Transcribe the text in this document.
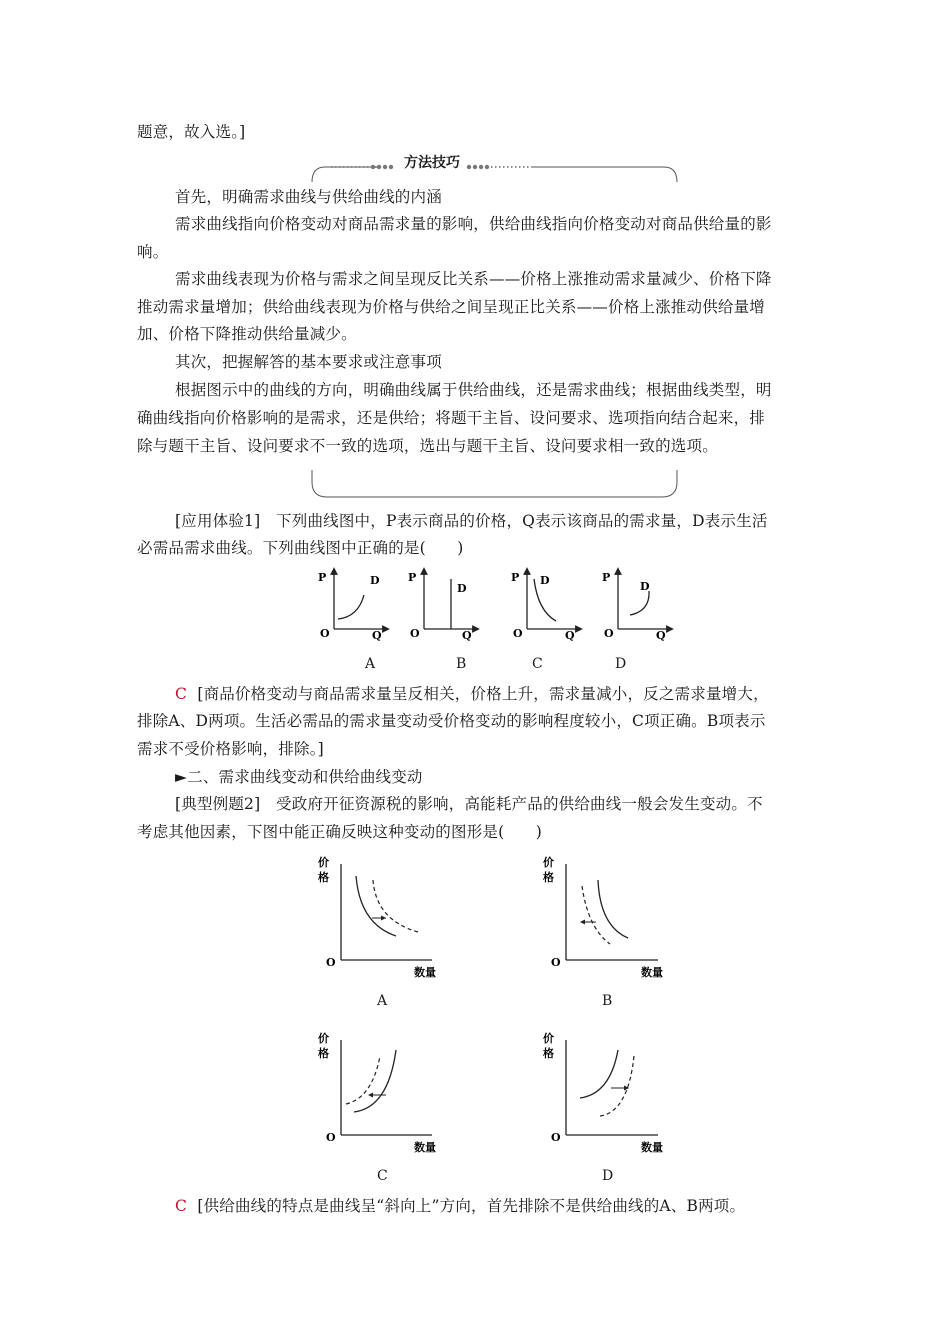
题意，故入选。]
方法技巧
首先，明确需求曲线与供给曲线的内涵
需求曲线指向价格变动对商品需求量的影响，供给曲线指向价格变动对商品供给量的影
响。
需求曲线表现为价格与需求之间呈现反比关系——价格上涨推动需求量减少、价格下降
推动需求量增加；供给曲线表现为价格与供给之间呈现正比关系——价格上涨推动供给量增
加、价格下降推动供给量减少。
其次，把握解答的基本要求或注意事项
根据图示中的曲线的方向，明确曲线属于供给曲线，还是需求曲线；根据曲线类型，明
确曲线指向价格影响的是需求，还是供给；将题干主旨、设问要求、选项指向结合起来，排
除与题干主旨、设问要求不一致的选项，选出与题干主旨、设问要求相一致的选项。
[应用体验1]　下列曲线图中，P表示商品的价格，Q表示该商品的需求量，D表示生活
必需品需求曲线。下列曲线图中正确的是(　　)
P	D
O	Q
P
D
O	Q
P D
O	Q
P
D
O	Q
A	B	C	D
C [商品价格变动与商品需求量呈反相关，价格上升，需求量减小，反之需求量增大，
排除A、D两项。生活必需品的需求量变动受价格变动的影响程度较小，C项正确。B项表示
需求不受价格影响，排除。]
►二、需求曲线变动和供给曲线变动
[典型例题2]　受政府开征资源税的影响，高能耗产品的供给曲线一般会发生变动。不
考虑其他因素，下图中能正确反映这种变动的图形是(　　)
价
格
O
数量
价
格
O
数量
价
格
O
数量
价
格
O
数量
A	B
C	D
C [供给曲线的特点是曲线呈“斜向上”方向，首先排除不是供给曲线的A、B两项。
